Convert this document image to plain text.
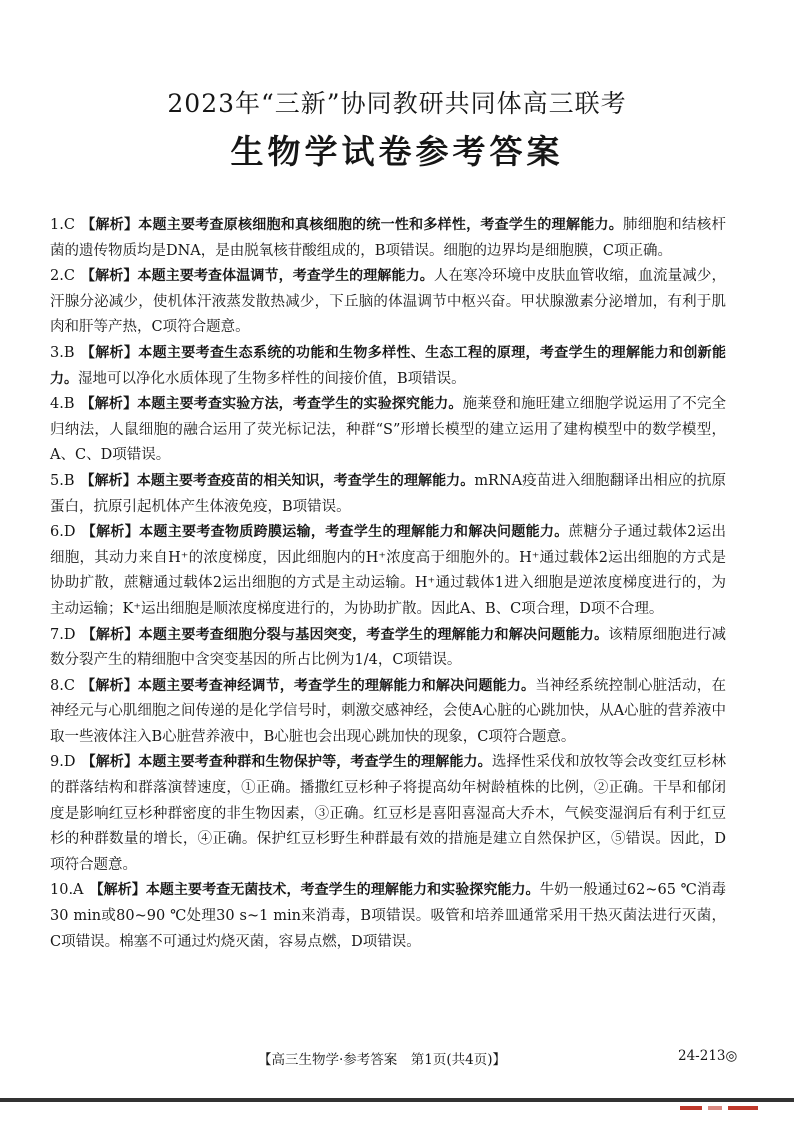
2023年“三新”协同教研共同体高三联考
生物学试卷参考答案

1.C 【解析】本题主要考查原核细胞和真核细胞的统一性和多样性，考查学生的理解能力。肺细胞和结核杆菌的遗传物质均是DNA，是由脱氧核苷酸组成的，B项错误。细胞的边界均是细胞膜，C项正确。

2.C 【解析】本题主要考查体温调节，考查学生的理解能力。人在寒冷环境中皮肤血管收缩，血流量减少，汗腺分泌减少，使机体汗液蒸发散热减少，下丘脑的体温调节中枢兴奋。甲状腺激素分泌增加，有利于肌肉和肝等产热，C项符合题意。

3.B 【解析】本题主要考查生态系统的功能和生物多样性、生态工程的原理，考查学生的理解能力和创新能力。湿地可以净化水质体现了生物多样性的间接价值，B项错误。

4.B 【解析】本题主要考查实验方法，考查学生的实验探究能力。施莱登和施旺建立细胞学说运用了不完全归纳法，人鼠细胞的融合运用了荧光标记法，种群“S”形增长模型的建立运用了建构模型中的数学模型，A、C、D项错误。

5.B 【解析】本题主要考查疫苗的相关知识，考查学生的理解能力。mRNA疫苗进入细胞翻译出相应的抗原蛋白，抗原引起机体产生体液免疫，B项错误。

6.D 【解析】本题主要考查物质跨膜运输，考查学生的理解能力和解决问题能力。蔗糖分子通过载体2运出细胞，其动力来自H⁺的浓度梯度，因此细胞内的H⁺浓度高于细胞外的。H⁺通过载体2运出细胞的方式是协助扩散，蔗糖通过载体2运出细胞的方式是主动运输。H⁺通过载体1进入细胞是逆浓度梯度进行的，为主动运输；K⁺运出细胞是顺浓度梯度进行的，为协助扩散。因此A、B、C项合理，D项不合理。

7.D 【解析】本题主要考查细胞分裂与基因突变，考查学生的理解能力和解决问题能力。该精原细胞进行减数分裂产生的精细胞中含突变基因的所占比例为1/4，C项错误。

8.C 【解析】本题主要考查神经调节，考查学生的理解能力和解决问题能力。当神经系统控制心脏活动，在神经元与心肌细胞之间传递的是化学信号时，刺激交感神经，会使A心脏的心跳加快，从A心脏的营养液中取一些液体注入B心脏营养液中，B心脏也会出现心跳加快的现象，C项符合题意。

9.D 【解析】本题主要考查种群和生物保护等，考查学生的理解能力。选择性采伐和放牧等会改变红豆杉林的群落结构和群落演替速度，①正确。播撒红豆杉种子将提高幼年树龄植株的比例，②正确。干旱和郁闭度是影响红豆杉种群密度的非生物因素，③正确。红豆杉是喜阳喜湿高大乔木，气候变湿润后有利于红豆杉的种群数量的增长，④正确。保护红豆杉野生种群最有效的措施是建立自然保护区，⑤错误。因此，D项符合题意。

10.A 【解析】本题主要考查无菌技术，考查学生的理解能力和实验探究能力。牛奶一般通过62~65 ℃消毒30 min或80~90 ℃处理30 s~1 min来消毒，B项错误。吸管和培养皿通常采用干热灭菌法进行灭菌，C项错误。棉塞不可通过灼烧灭菌，容易点燃，D项错误。

【高三生物学·参考答案　第1页(共4页)】	24-213◎
